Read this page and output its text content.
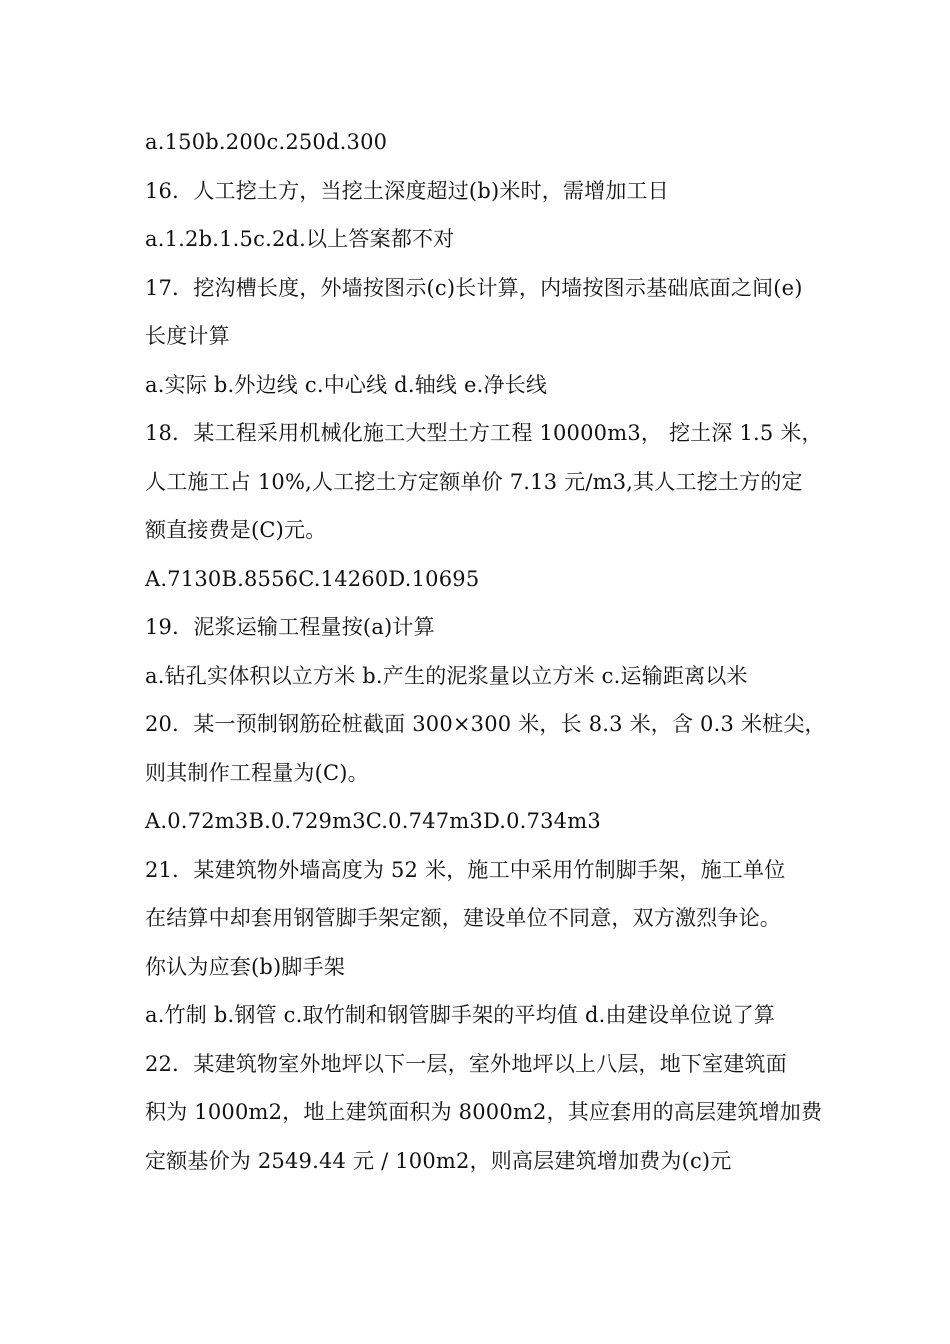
a.150b.200c.250d.300
16．人工挖土方，当挖土深度超过(b)米时，需增加工日
a.1.2b.1.5c.2d.以上答案都不对
17．挖沟槽长度，外墙按图示(c)长计算，内墙按图示基础底面之间(e)
长度计算
a.实际 b.外边线 c.中心线 d.轴线 e.净长线
18．某工程采用机械化施工大型土方工程 10000m3， 挖土深 1.5 米，
人工施工占 10%,人工挖土方定额单价 7.13 元/m3,其人工挖土方的定
额直接费是(C)元。
A.7130B.8556C.14260D.10695
19．泥浆运输工程量按(a)计算
a.钻孔实体积以立方米 b.产生的泥浆量以立方米 c.运输距离以米
20．某一预制钢筋砼桩截面 300×300 米，长 8.3 米，含 0.3 米桩尖，
则其制作工程量为(C)。
A.0.72m3B.0.729m3C.0.747m3D.0.734m3
21．某建筑物外墙高度为 52 米，施工中采用竹制脚手架，施工单位
在结算中却套用钢管脚手架定额，建设单位不同意，双方激烈争论。
你认为应套(b)脚手架
a.竹制 b.钢管 c.取竹制和钢管脚手架的平均值 d.由建设单位说了算
22．某建筑物室外地坪以下一层，室外地坪以上八层，地下室建筑面
积为 1000m2，地上建筑面积为 8000m2，其应套用的高层建筑增加费
定额基价为 2549.44 元 / 100m2，则高层建筑增加费为(c)元
